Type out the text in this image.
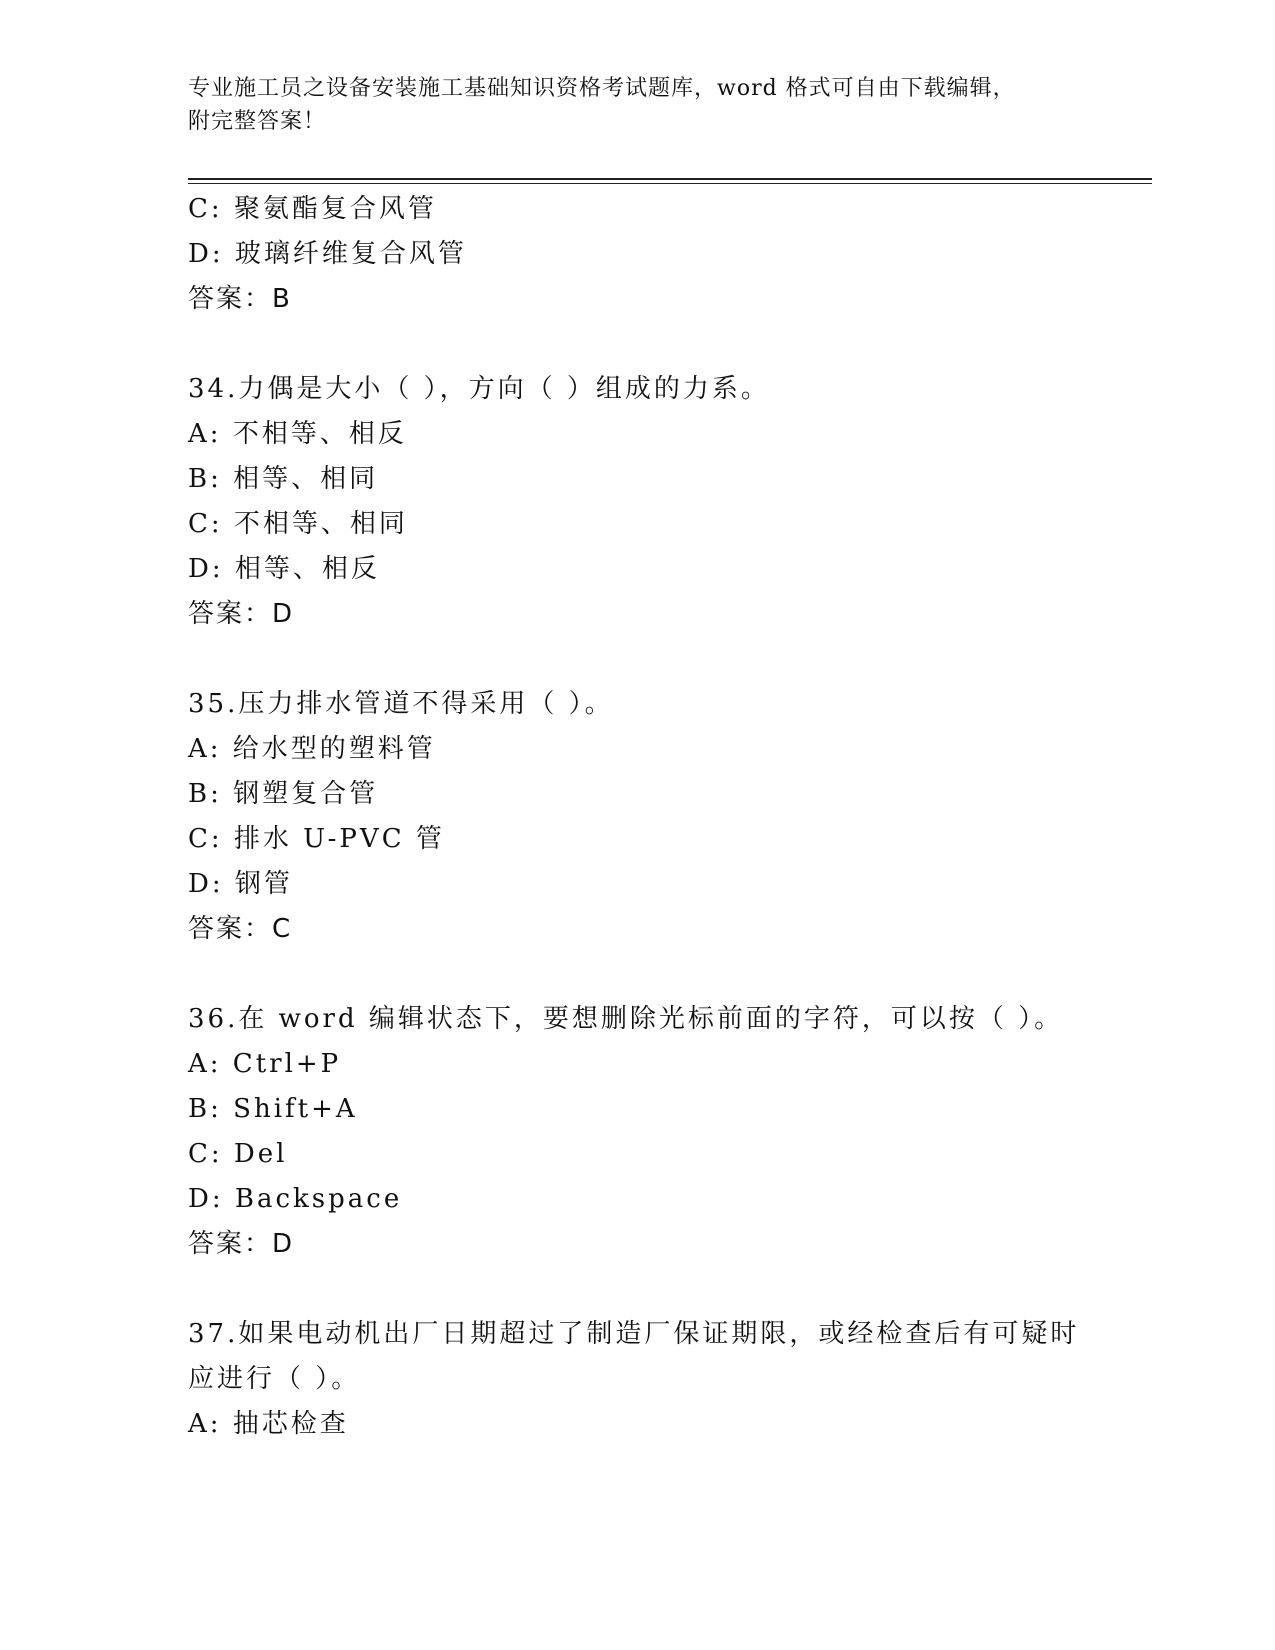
专业施工员之设备安装施工基础知识资格考试题库，word 格式可自由下载编辑，
附完整答案！
C: 聚氨酯复合风管
D: 玻璃纤维复合风管
答案：B
34.力偶是大小（ ），方向（ ）组成的力系。
A: 不相等、相反
B: 相等、相同
C: 不相等、相同
D: 相等、相反
答案：D
35.压力排水管道不得采用（ ）。
A: 给水型的塑料管
B: 钢塑复合管
C: 排水 U-PVC 管
D: 钢管
答案：C
36.在 word 编辑状态下，要想删除光标前面的字符，可以按（ ）。
A: Ctrl+P
B: Shift+A
C: Del
D: Backspace
答案：D
37.如果电动机出厂日期超过了制造厂保证期限，或经检查后有可疑时
应进行（ ）。
A: 抽芯检查
